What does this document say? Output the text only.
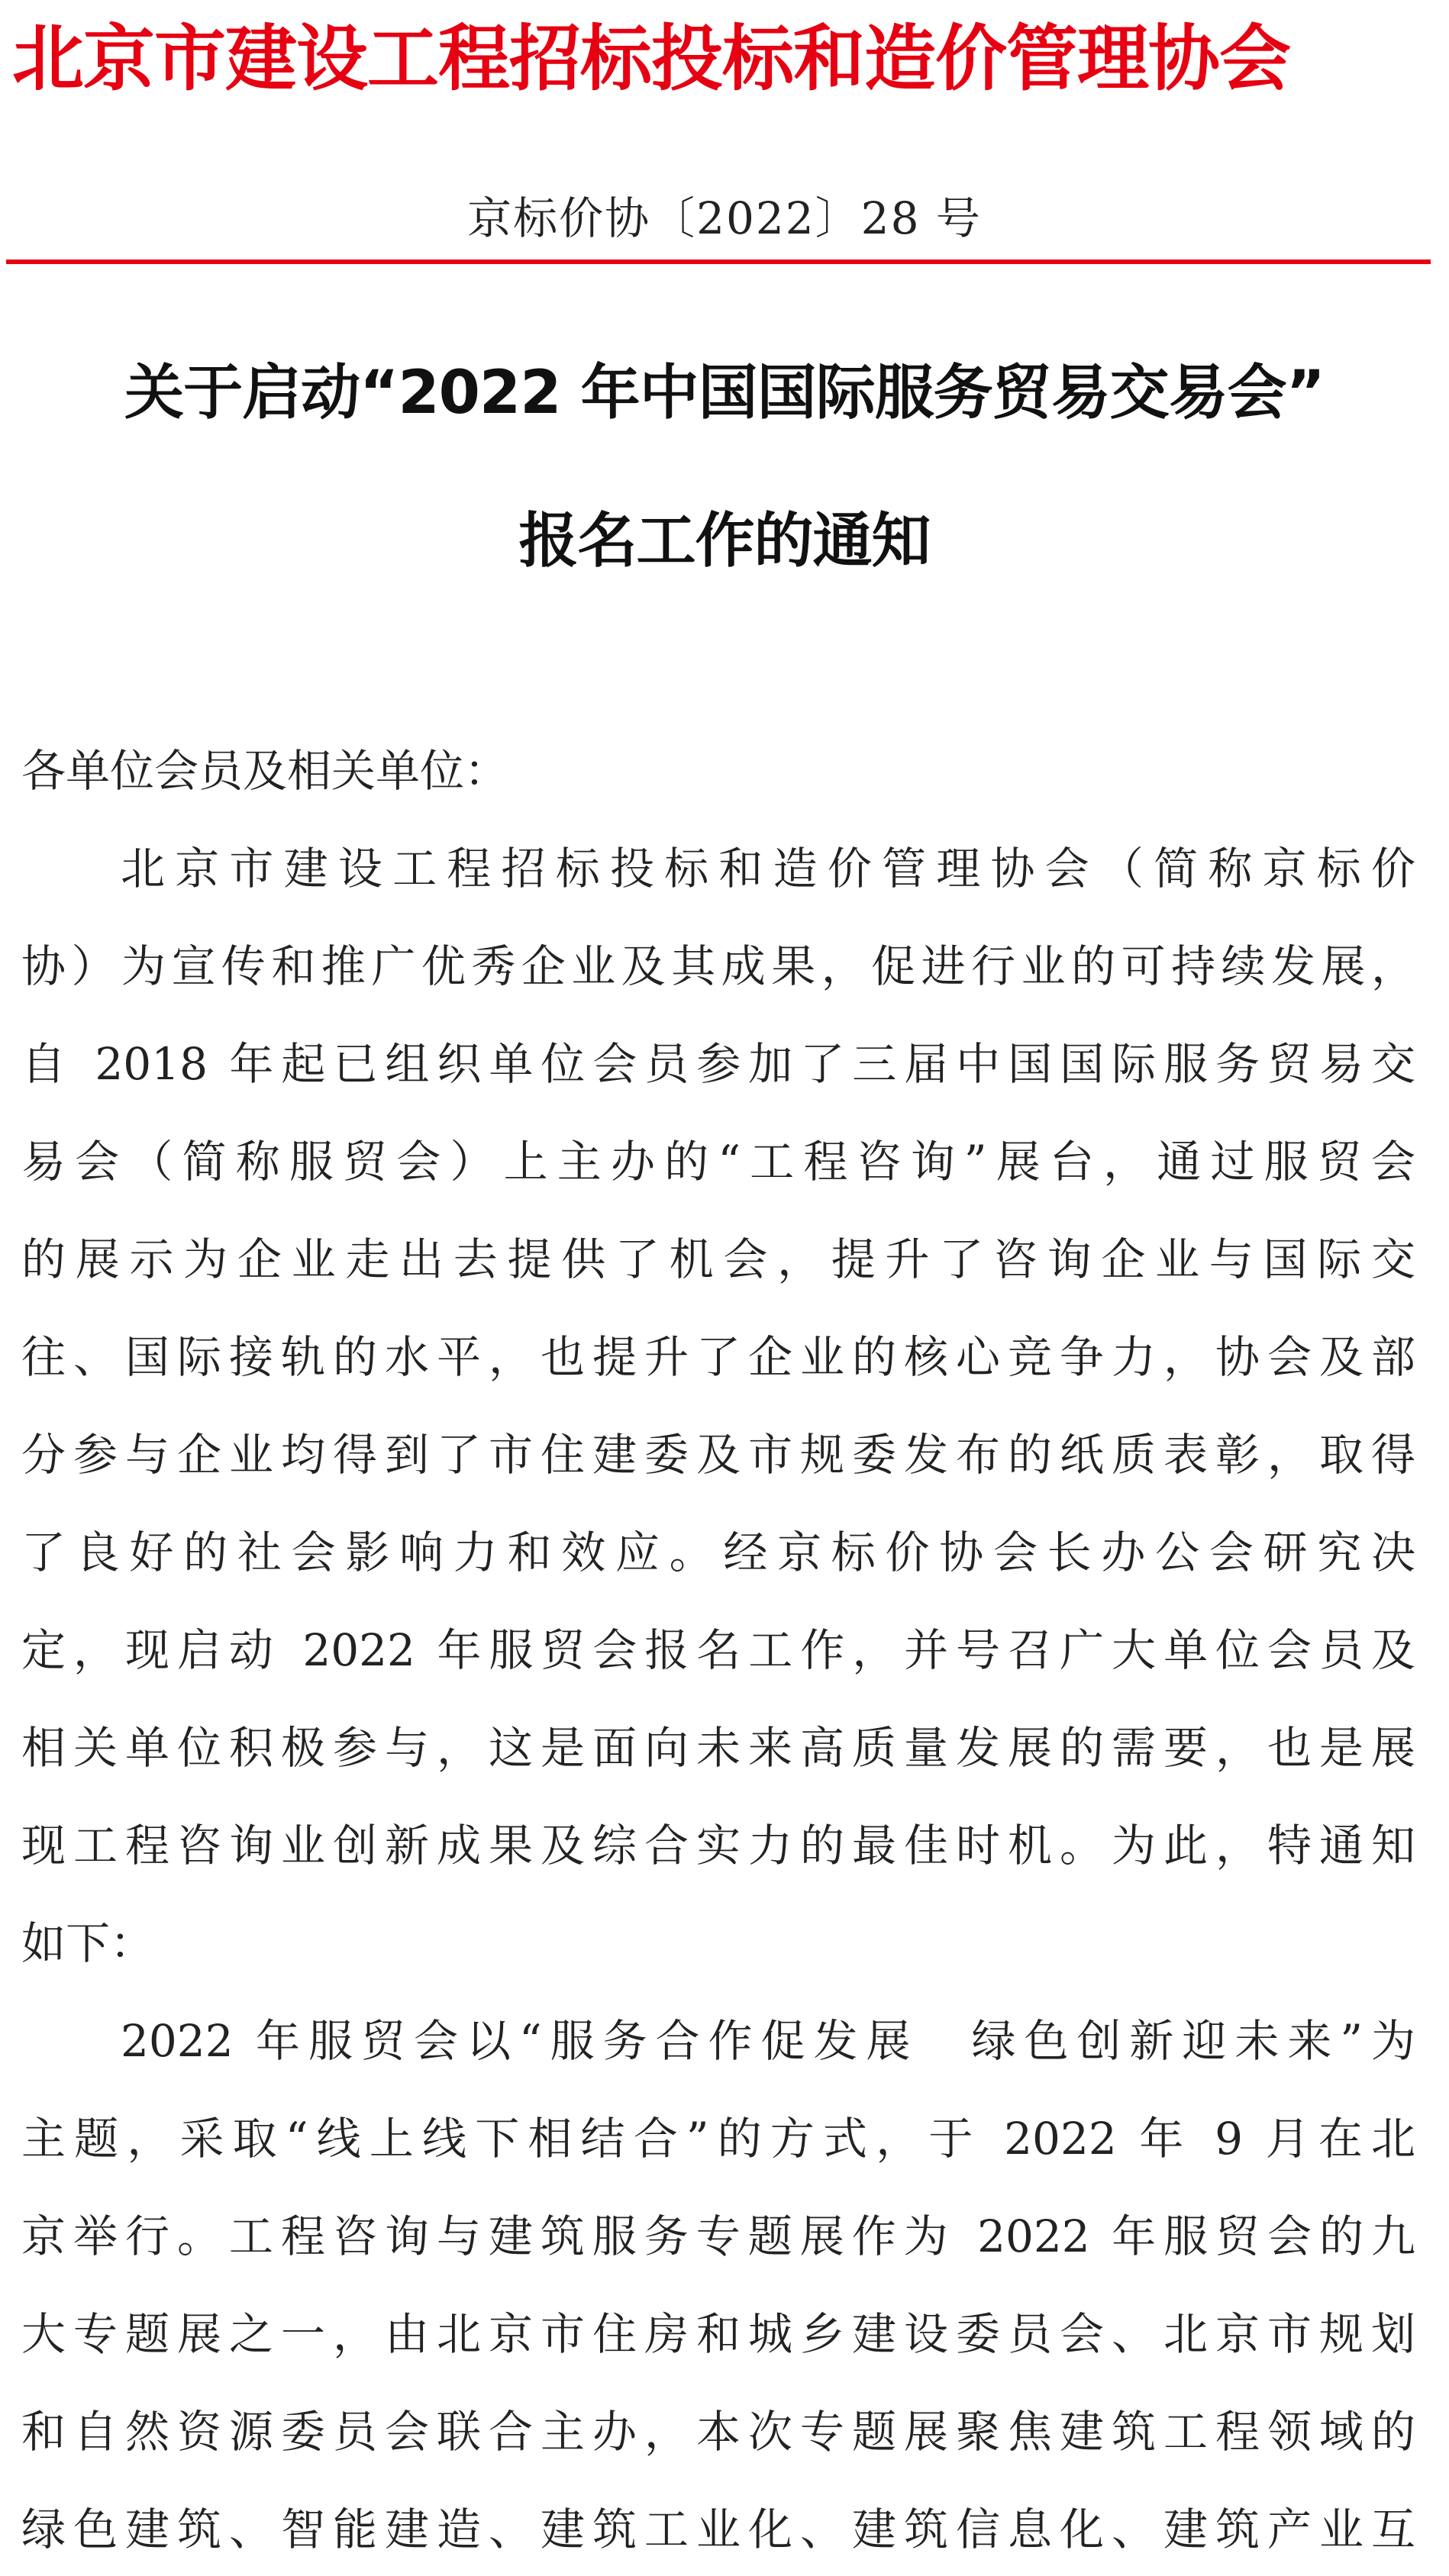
北京市建设工程招标投标和造价管理协会
京标价协〔2022〕28 号
关于启动“2022 年中国国际服务贸易交易会”
报名工作的通知
各单位会员及相关单位：
北京市建设工程招标投标和造价管理协会（简称京标价
协）为宣传和推广优秀企业及其成果，促进行业的可持续发展，
自 2018 年起已组织单位会员参加了三届中国国际服务贸易交
易会（简称服贸会）上主办的“工程咨询”展台，通过服贸会
的展示为企业走出去提供了机会，提升了咨询企业与国际交
往、国际接轨的水平，也提升了企业的核心竞争力，协会及部
分参与企业均得到了市住建委及市规委发布的纸质表彰，取得
了良好的社会影响力和效应。经京标价协会长办公会研究决
定，现启动 2022 年服贸会报名工作，并号召广大单位会员及
相关单位积极参与，这是面向未来高质量发展的需要，也是展
现工程咨询业创新成果及综合实力的最佳时机。为此，特通知
如下：
2022 年服贸会以“服务合作促发展　绿色创新迎未来”为
主题，采取“线上线下相结合”的方式，于 2022 年 9 月在北
京举行。工程咨询与建筑服务专题展作为 2022 年服贸会的九
大专题展之一，由北京市住房和城乡建设委员会、北京市规划
和自然资源委员会联合主办，本次专题展聚焦建筑工程领域的
绿色建筑、智能建造、建筑工业化、建筑信息化、建筑产业互
